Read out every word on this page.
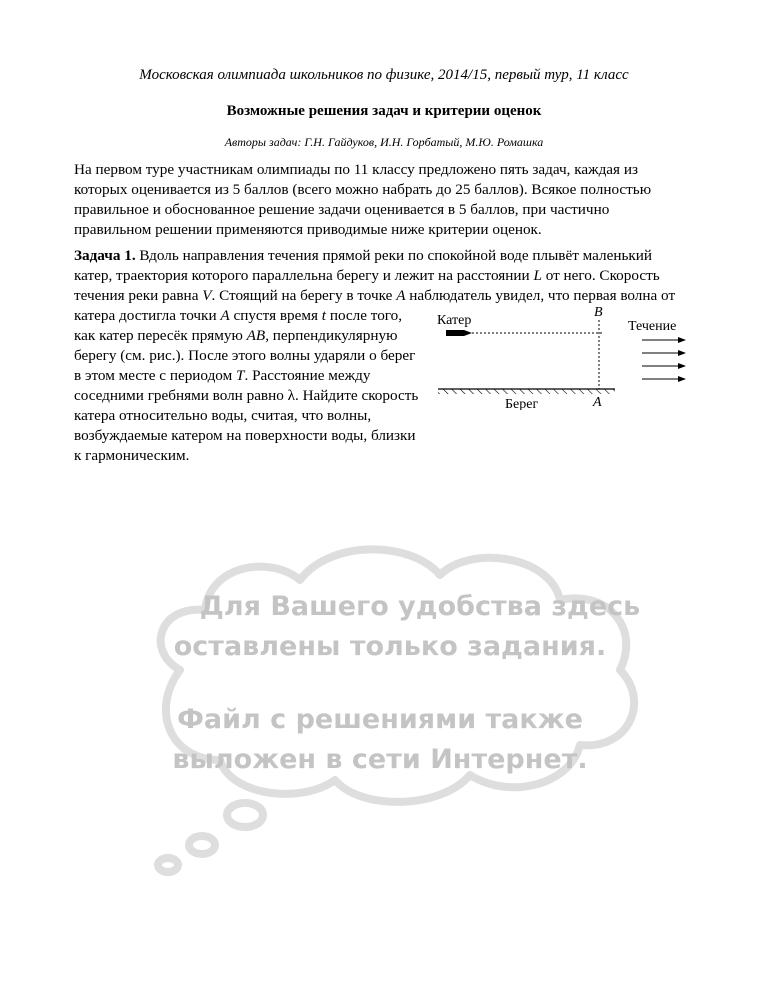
Московская олимпиада школьников по физике, 2014/15, первый тур, 11 класс
Возможные решения задач и критерии оценок
Авторы задач: Г.Н. Гайдуков, И.Н. Горбатый, М.Ю. Ромашка

На первом туре участникам олимпиады по 11 классу предложено пять задач, каждая из
которых оценивается из 5 баллов (всего можно набрать до 25 баллов). Всякое полностью
правильное и обоснованное решение задачи оценивается в 5 баллов, при частично
правильном решении применяются приводимые ниже критерии оценок.

Задача 1. Вдоль направления течения прямой реки по спокойной воде плывёт маленький
катер, траектория которого параллельна берегу и лежит на расстоянии L от него. Скорость
течения реки равна V. Стоящий на берегу в точке A наблюдатель увидел, что первая волна от

катера достигла точки A спустя время t после того,
как катер пересёк прямую AB, перпендикулярную
берегу (см. рис.). После этого волны ударяли о берег
в этом месте с периодом T. Расстояние между
соседними гребнями волн равно λ. Найдите скорость
катера относительно воды, считая, что волны,
возбуждаемые катером на поверхности воды, близки
к гармоническим.

Катер
B
Течение
Берег	A
Для Вашего удобства здесь
оставлены только задания.
Файл с решениями также
выложен в сети Интернет.
